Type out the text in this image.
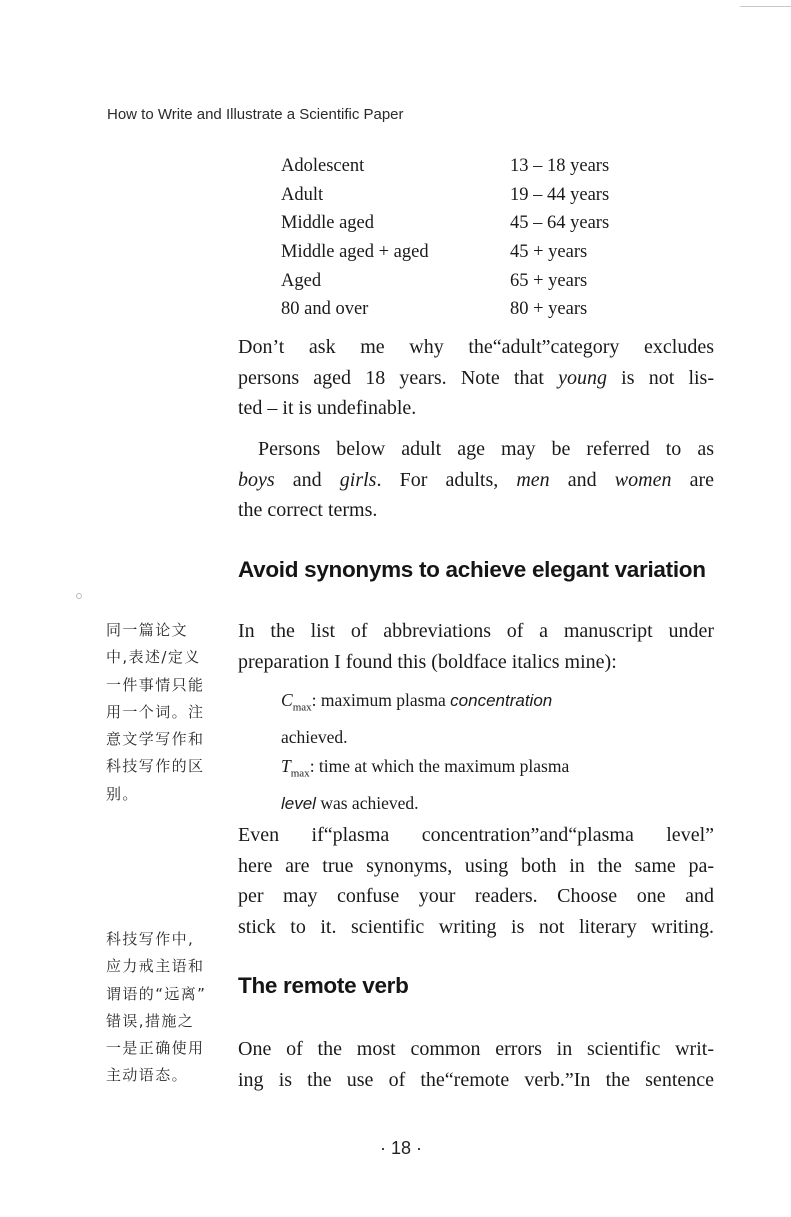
How to Write and Illustrate a Scientific Paper
Adolescent	13 – 18 years
Adult	19 – 44 years
Middle aged	45 – 64 years
Middle aged + aged	45 + years
Aged	65 + years
80 and over	80 + years
Don’t ask me why the“adult”category excludes
persons aged 18 years. Note that young is not lis-
ted – it is undefinable.
Persons below adult age may be referred to as
boys and girls. For adults, men and women are
the correct terms.
Avoid synonyms to achieve elegant variation
In the list of abbreviations of a manuscript under
preparation I found this (boldface italics mine):
$C_{max}$: maximum plasma concentration
achieved.
$T_{max}$: time at which the maximum plasma
level was achieved.
Even if“plasma concentration”and“plasma level”
here are true synonyms, using both in the same pa-
per may confuse your readers. Choose one and
stick to it. scientific writing is not literary writing.
The remote verb
One of the most common errors in scientific writ-
ing is the use of the“remote verb.”In the sentence
同一篇论文
中,表述/定义
一件事情只能
用一个词。注
意文学写作和
科技写作的区
别。
科技写作中,
应力戒主语和
谓语的“远离”
错误,措施之
一是正确使用
主动语态。
· 18 ·
